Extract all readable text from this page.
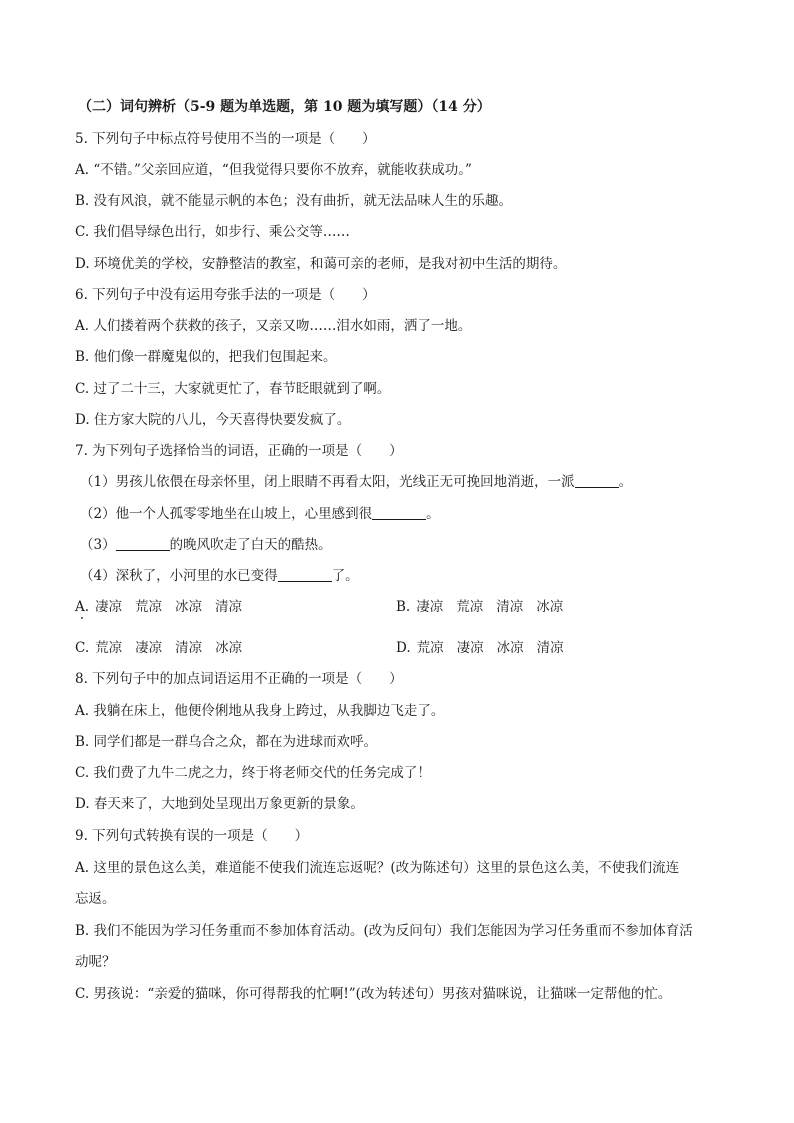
（二）词句辨析（5-9 题为单选题，第 10 题为填写题）（14 分）
5. 下列句子中标点符号使用不当的一项是（　　）
A. “不错。”父亲回应道，“但我觉得只要你不放弃，就能收获成功。”
B. 没有风浪，就不能显示帆的本色；没有曲折，就无法品味人生的乐趣。
C. 我们倡导绿色出行，如步行、乘公交等……
D. 环境优美的学校，安静整洁的教室，和蔼可亲的老师，是我对初中生活的期待。
6. 下列句子中没有运用夸张手法的一项是（　　）
A. 人们搂着两个获救的孩子，又亲又吻……泪水如雨，洒了一地。
B. 他们像一群魔鬼似的，把我们包围起来。
C. 过了二十三，大家就更忙了，春节眨眼就到了啊。
D. 住方家大院的八儿，今天喜得快要发疯了。
7. 为下列句子选择恰当的词语，正确的一项是（　　）
（1）男孩儿依偎在母亲怀里，闭上眼睛不再看太阳，光线正无可挽回地消逝，一派	。
（2）他一个人孤零零地坐在山坡上，心里感到很	。
（3）	的晚风吹走了白天的酷热。
（4）深秋了，小河里的水已变得	了。
A. 凄凉 荒凉 冰凉 清凉	B. 凄凉 荒凉 清凉 冰凉
C. 荒凉 凄凉 清凉 冰凉	D. 荒凉 凄凉 冰凉 清凉
8. 下列句子中的加点词语运用不正确的一项是（　　）
A. 我躺在床上，他便伶俐地从我身上跨过，从我脚边飞走了。
B. 同学们都是一群乌合之众，都在为进球而欢呼。
C. 我们费了九牛二虎之力，终于将老师交代的任务完成了！
D. 春天来了，大地到处呈现出万象更新的景象。
9. 下列句式转换有误的一项是（　　）
A. 这里的景色这么美，难道能不使我们流连忘返呢？(改为陈述句）这里的景色这么美，不使我们流连
忘返。
B. 我们不能因为学习任务重而不参加体育活动。(改为反问句）我们怎能因为学习任务重而不参加体育活
动呢？
C. 男孩说：“亲爱的猫咪，你可得帮我的忙啊!”(改为转述句）男孩对猫咪说，让猫咪一定帮他的忙。
